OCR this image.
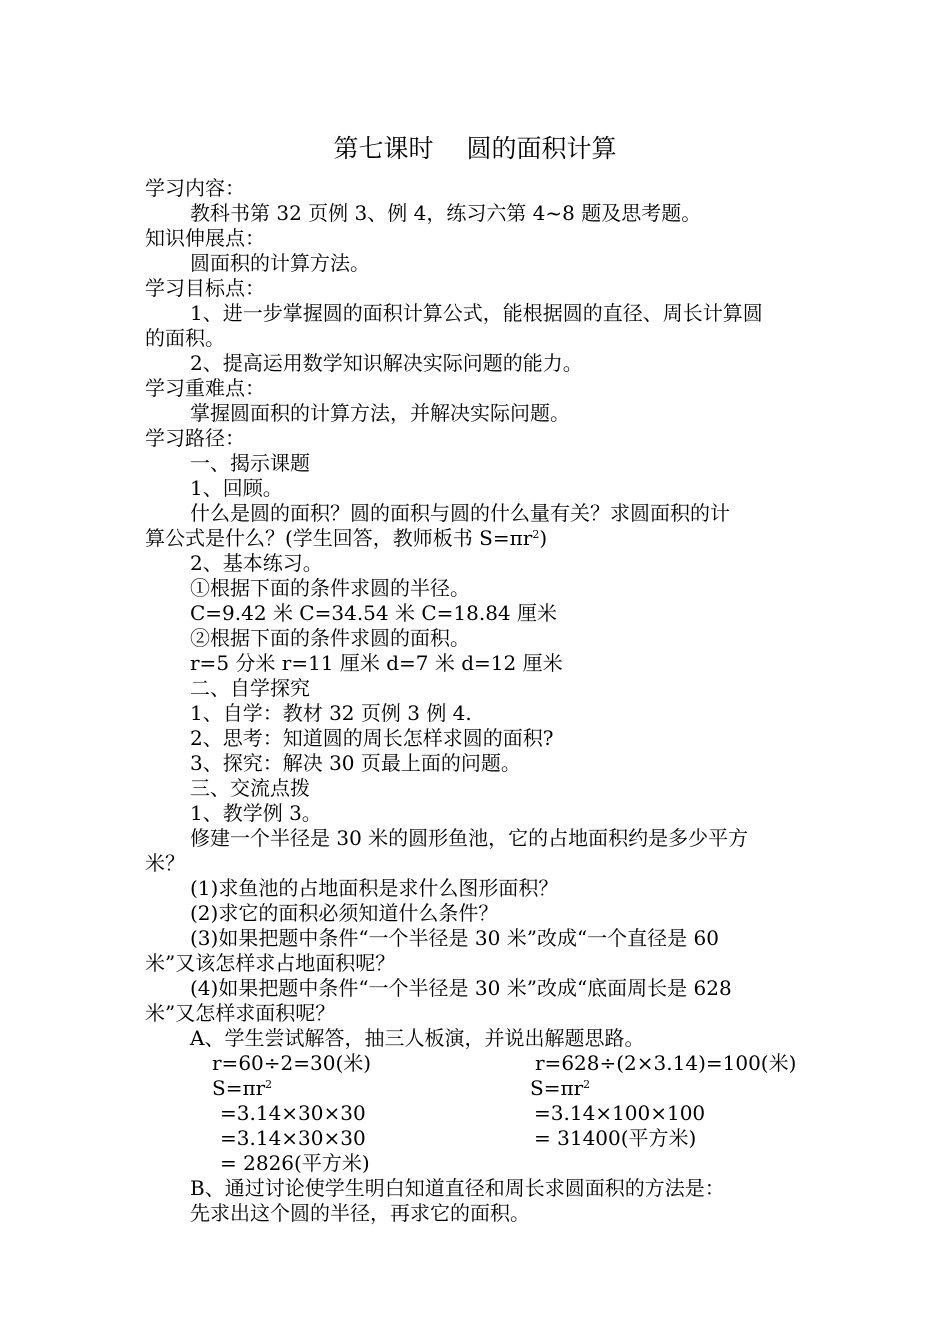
第七课时　 圆的面积计算
学习内容：
教科书第 32 页例 3、例 4，练习六第 4~8 题及思考题。
知识伸展点：
圆面积的计算方法。
学习目标点：
1、进一步掌握圆的面积计算公式，能根据圆的直径、周长计算圆
的面积。
2、提高运用数学知识解决实际问题的能力。
学习重难点：
掌握圆面积的计算方法，并解决实际问题。
学习路径：
一、揭示课题
1、回顾。
什么是圆的面积？圆的面积与圆的什么量有关？求圆面积的计
算公式是什么？(学生回答，教师板书 $S=\pi r^2$)
2、基本练习。
①根据下面的条件求圆的半径。
C=9.42 米 C=34.54 米 C=18.84 厘米
②根据下面的条件求圆的面积。
r=5 分米 r=11 厘米 d=7 米 d=12 厘米
二、自学探究
1、自学：教材 32 页例 3 例 4.
2、思考：知道圆的周长怎样求圆的面积?
3、探究：解决 30 页最上面的问题。
三、交流点拨
1、教学例 3。
修建一个半径是 30 米的圆形鱼池，它的占地面积约是多少平方
米？
(1)求鱼池的占地面积是求什么图形面积？
(2)求它的面积必须知道什么条件？
(3)如果把题中条件“一个半径是 30 米”改成“一个直径是 60
米”又该怎样求占地面积呢？
(4)如果把题中条件“一个半径是 30 米”改成“底面周长是 628
米”又怎样求面积呢？
A、学生尝试解答，抽三人板演，并说出解题思路。
r=60÷2=30(米)
$S=\pi r^2$
=3.14×30×30
=3.14×30×30
= 2826(平方米)
r=628÷(2×3.14)=100(米)
$S=\pi r^2$
=3.14×100×100
= 31400(平方米)
B、通过讨论使学生明白知道直径和周长求圆面积的方法是：
先求出这个圆的半径，再求它的面积。
